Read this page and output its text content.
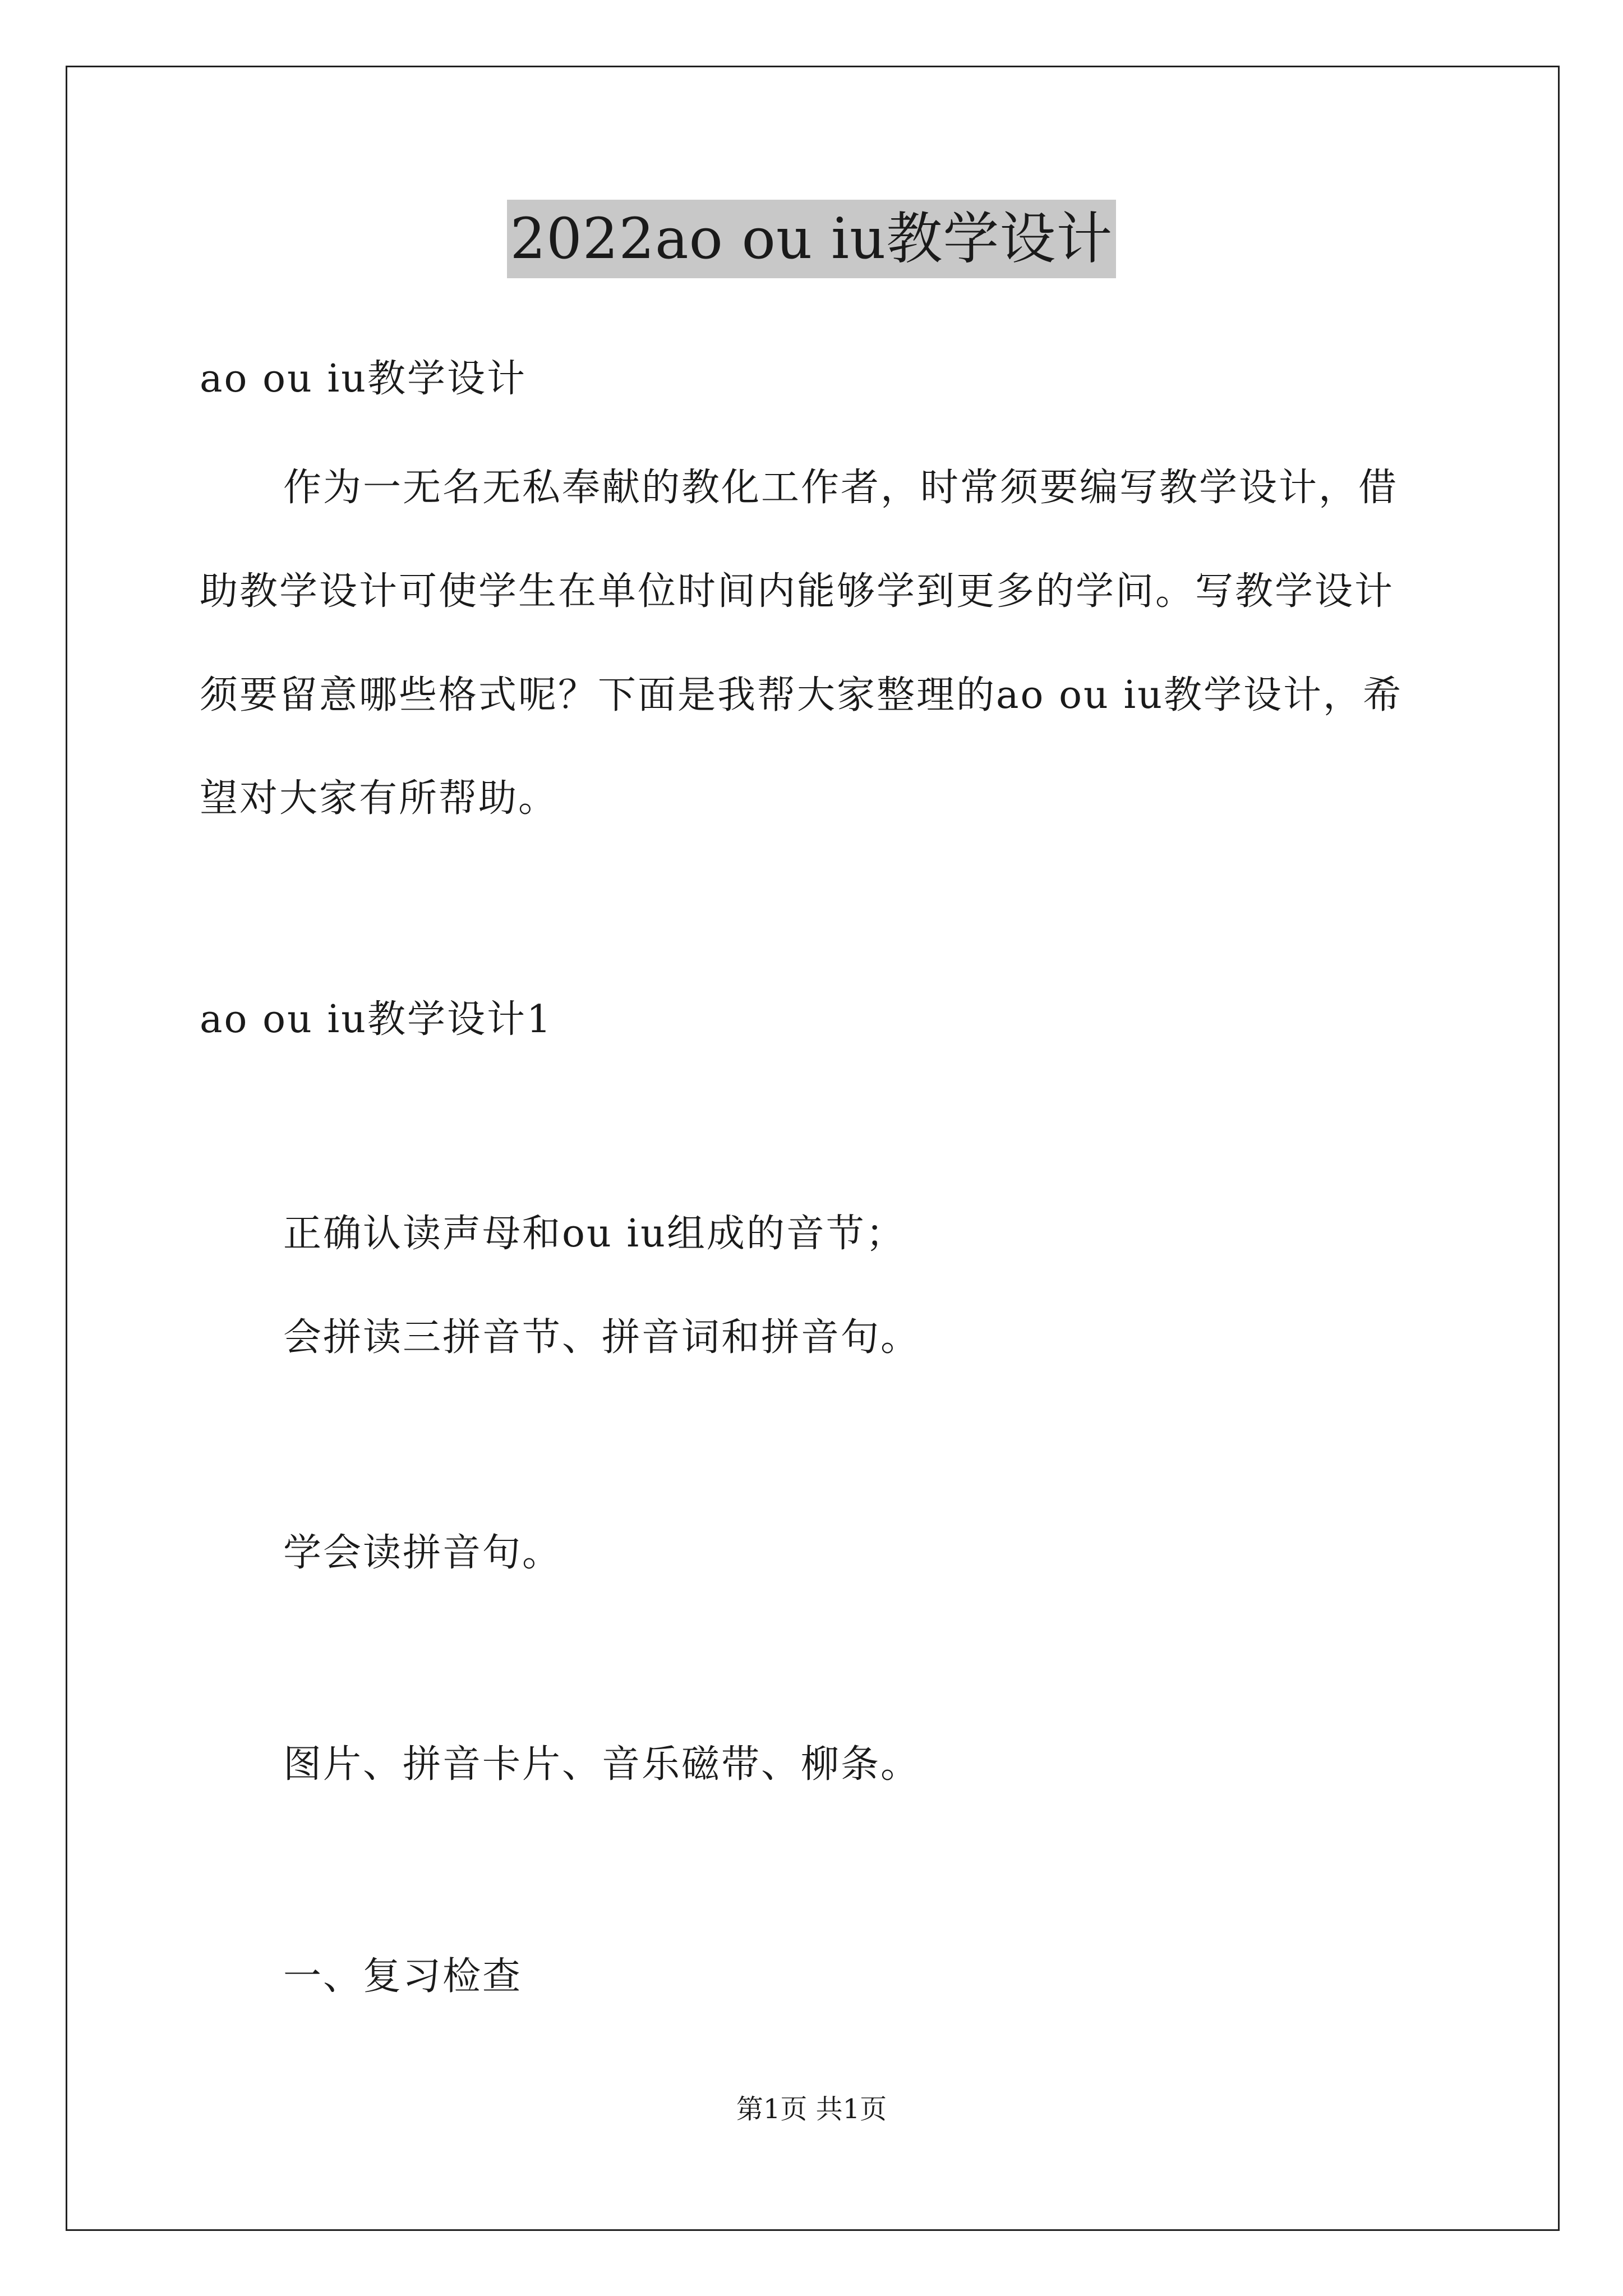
2022ao ou iu教学设计
ao ou iu教学设计
作为一无名无私奉献的教化工作者，时常须要编写教学设计，借
助教学设计可使学生在单位时间内能够学到更多的学问。写教学设计
须要留意哪些格式呢？下面是我帮大家整理的ao ou iu教学设计，希
望对大家有所帮助。
ao ou iu教学设计1
正确认读声母和ou iu组成的音节；
会拼读三拼音节、拼音词和拼音句。
学会读拼音句。
图片、拼音卡片、音乐磁带、柳条。
一、复习检查
第1页 共1页
